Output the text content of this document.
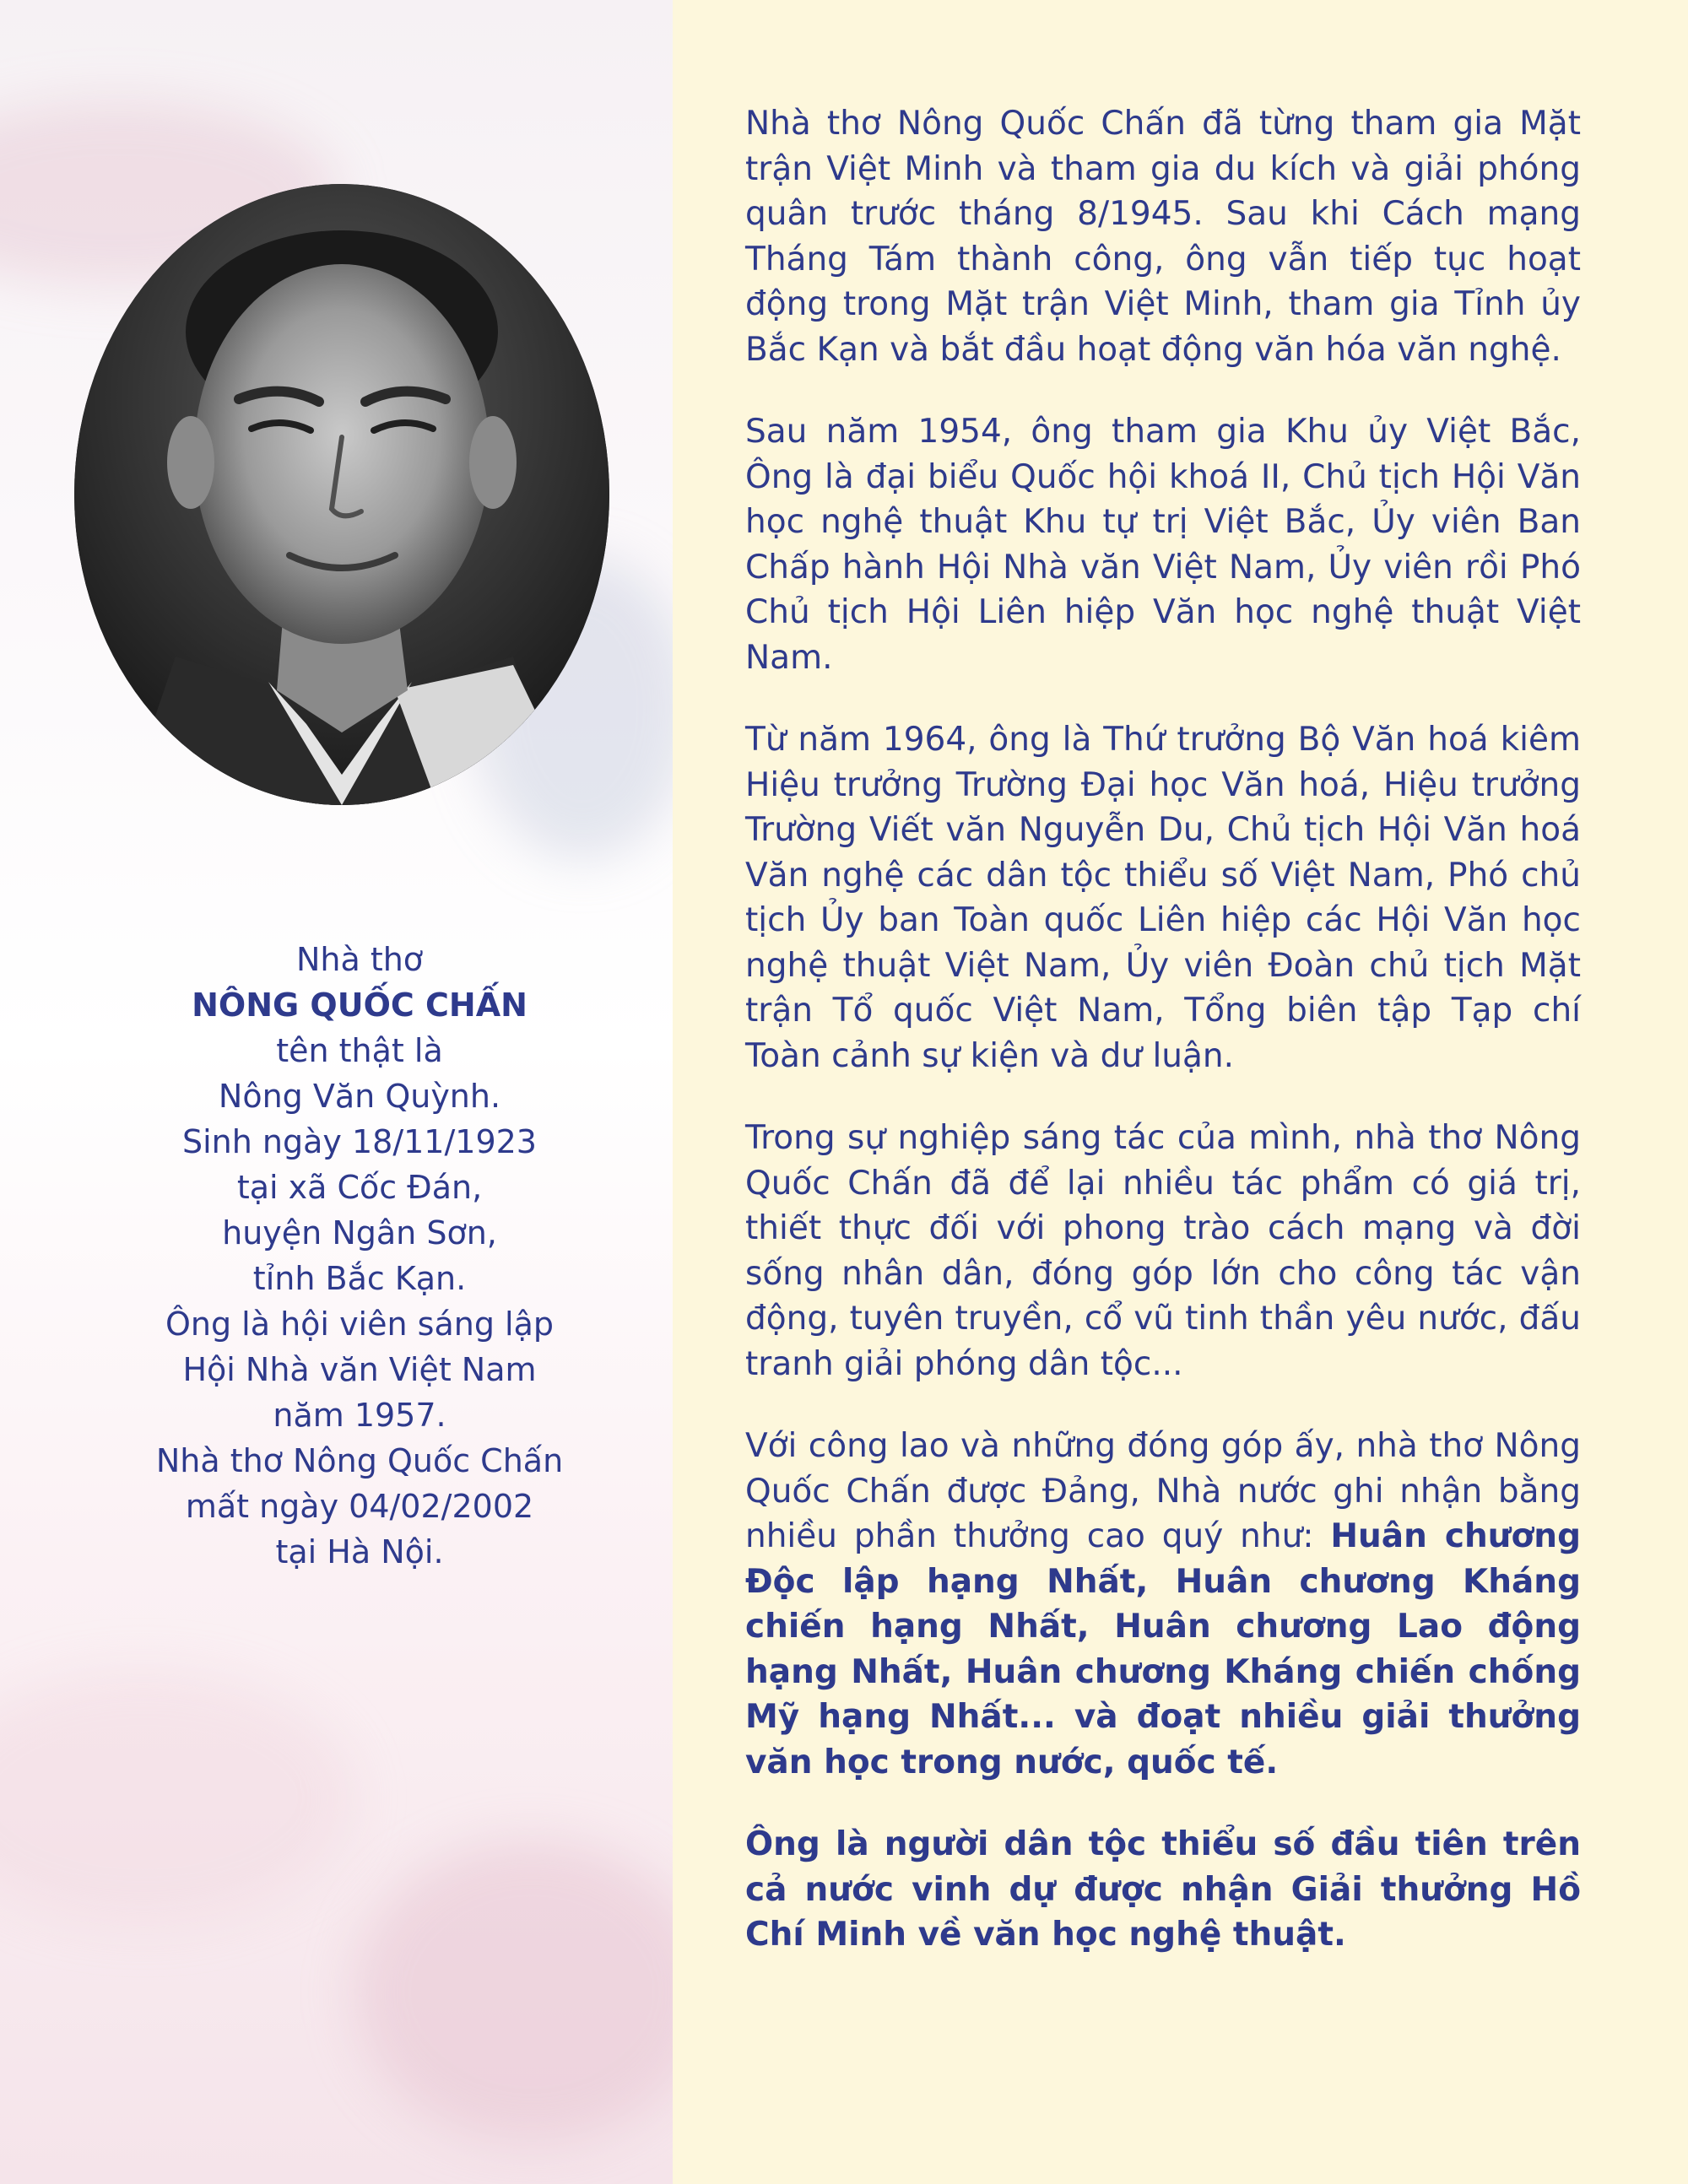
Nhà thơ
NÔNG QUỐC CHẤN
tên thật là
Nông Văn Quỳnh.
Sinh ngày 18/11/1923
tại xã Cốc Đán,
huyện Ngân Sơn,
tỉnh Bắc Kạn.
Ông là hội viên sáng lập
Hội Nhà văn Việt Nam
năm 1957.
Nhà thơ Nông Quốc Chấn
mất ngày 04/02/2002
tại Hà Nội.

Nhà thơ Nông Quốc Chấn đã từng tham gia Mặt trận Việt Minh và tham gia du kích và giải phóng quân trước tháng 8/1945. Sau khi Cách mạng Tháng Tám thành công, ông vẫn tiếp tục hoạt động trong Mặt trận Việt Minh, tham gia Tỉnh ủy Bắc Kạn và bắt đầu hoạt động văn hóa văn nghệ.

Sau năm 1954, ông tham gia Khu ủy Việt Bắc, Ông là đại biểu Quốc hội khoá II, Chủ tịch Hội Văn học nghệ thuật Khu tự trị Việt Bắc, Ủy viên Ban Chấp hành Hội Nhà văn Việt Nam, Ủy viên rồi Phó Chủ tịch Hội Liên hiệp Văn học nghệ thuật Việt Nam.

Từ năm 1964, ông là Thứ trưởng Bộ Văn hoá kiêm Hiệu trưởng Trường Đại học Văn hoá, Hiệu trưởng Trường Viết văn Nguyễn Du, Chủ tịch Hội Văn hoá Văn nghệ các dân tộc thiểu số Việt Nam, Phó chủ tịch Ủy ban Toàn quốc Liên hiệp các Hội Văn học nghệ thuật Việt Nam, Ủy viên Đoàn chủ tịch Mặt trận Tổ quốc Việt Nam, Tổng biên tập Tạp chí Toàn cảnh sự kiện và dư luận.

Trong sự nghiệp sáng tác của mình, nhà thơ Nông Quốc Chấn đã để lại nhiều tác phẩm có giá trị, thiết thực đối với phong trào cách mạng và đời sống nhân dân, đóng góp lớn cho công tác vận động, tuyên truyền, cổ vũ tinh thần yêu nước, đấu tranh giải phóng dân tộc...

Với công lao và những đóng góp ấy, nhà thơ Nông Quốc Chấn được Đảng, Nhà nước ghi nhận bằng nhiều phần thưởng cao quý như: Huân chương Độc lập hạng Nhất, Huân chương Kháng chiến hạng Nhất, Huân chương Lao động hạng Nhất, Huân chương Kháng chiến chống Mỹ hạng Nhất... và đoạt nhiều giải thưởng văn học trong nước, quốc tế.

Ông là người dân tộc thiểu số đầu tiên trên cả nước vinh dự được nhận Giải thưởng Hồ Chí Minh về văn học nghệ thuật.
